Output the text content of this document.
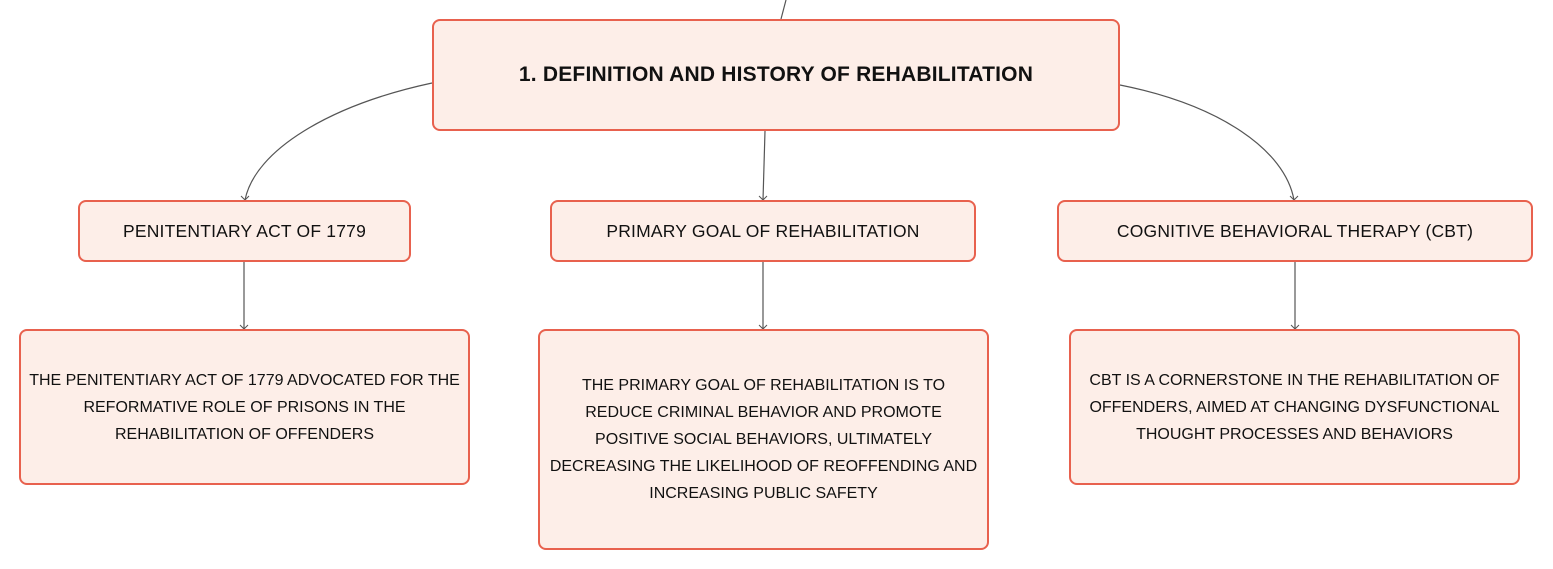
1. DEFINITION AND HISTORY OF REHABILITATION
PENITENTIARY ACT OF 1779	PRIMARY GOAL OF REHABILITATION	COGNITIVE BEHAVIORAL THERAPY (CBT)
THE PENITENTIARY ACT OF 1779 ADVOCATED FOR THE REFORMATIVE ROLE OF PRISONS IN THE REHABILITATION OF OFFENDERS
THE PRIMARY GOAL OF REHABILITATION IS TO REDUCE CRIMINAL BEHAVIOR AND PROMOTE POSITIVE SOCIAL BEHAVIORS, ULTIMATELY DECREASING THE LIKELIHOOD OF REOFFENDING AND INCREASING PUBLIC SAFETY
CBT IS A CORNERSTONE IN THE REHABILITATION OF OFFENDERS, AIMED AT CHANGING DYSFUNCTIONAL THOUGHT PROCESSES AND BEHAVIORS
